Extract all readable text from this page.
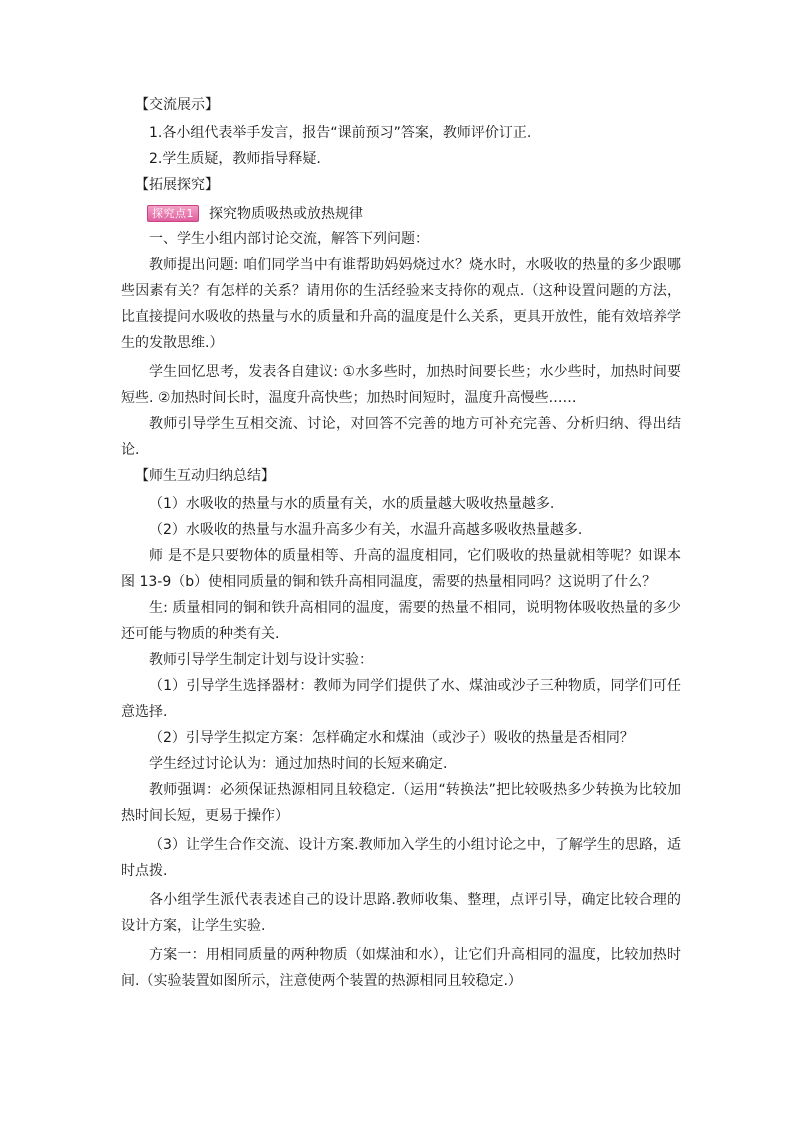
【交流展示】

1.各小组代表举手发言，报告“课前预习”答案，教师评价订正.

2.学生质疑，教师指导释疑.

【拓展探究】

探究点1	探究物质吸热或放热规律

一、学生小组内部讨论交流，解答下列问题：

教师提出问题: 咱们同学当中有谁帮助妈妈烧过水？烧水时，水吸收的热量的多少跟哪些因素有关？有怎样的关系？请用你的生活经验来支持你的观点.（这种设置问题的方法，比直接提问水吸收的热量与水的质量和升高的温度是什么关系，更具开放性，能有效培养学生的发散思维.）

学生回忆思考，发表各自建议: ①水多些时，加热时间要长些；水少些时，加热时间要短些. ②加热时间长时，温度升高快些；加热时间短时，温度升高慢些……

教师引导学生互相交流、讨论，对回答不完善的地方可补充完善、分析归纳、得出结论.

【师生互动归纳总结】

（1）水吸收的热量与水的质量有关，水的质量越大吸收热量越多.

（2）水吸收的热量与水温升高多少有关，水温升高越多吸收热量越多.

师 是不是只要物体的质量相等、升高的温度相同，它们吸收的热量就相等呢？如课本图 13-9（b）使相同质量的铜和铁升高相同温度，需要的热量相同吗？这说明了什么？

生: 质量相同的铜和铁升高相同的温度，需要的热量不相同，说明物体吸收热量的多少还可能与物质的种类有关.

教师引导学生制定计划与设计实验：

（1）引导学生选择器材：教师为同学们提供了水、煤油或沙子三种物质，同学们可任意选择.

（2）引导学生拟定方案：怎样确定水和煤油（或沙子）吸收的热量是否相同？

学生经过讨论认为：通过加热时间的长短来确定.

教师强调：必须保证热源相同且较稳定.（运用“转换法”把比较吸热多少转换为比较加热时间长短，更易于操作）

（3）让学生合作交流、设计方案.教师加入学生的小组讨论之中，了解学生的思路，适时点拨.

各小组学生派代表表述自己的设计思路.教师收集、整理，点评引导，确定比较合理的设计方案，让学生实验.

方案一：用相同质量的两种物质（如煤油和水），让它们升高相同的温度，比较加热时间.（实验装置如图所示，注意使两个装置的热源相同且较稳定.）
